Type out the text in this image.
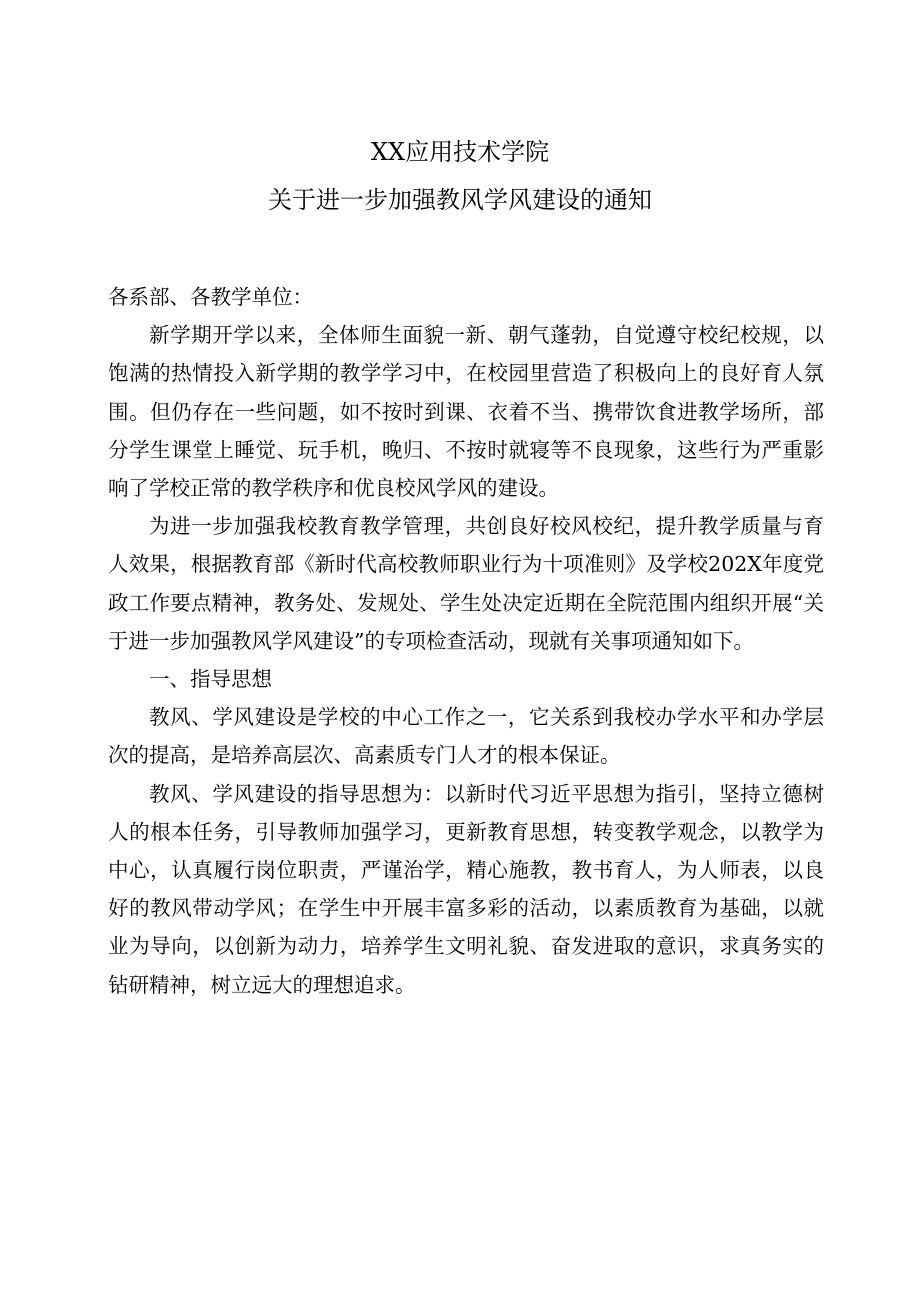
XX应用技术学院
关于进一步加强教风学风建设的通知

各系部、各教学单位：

新学期开学以来，全体师生面貌一新、朝气蓬勃，自觉遵守校纪校规，以饱满的热情投入新学期的教学学习中，在校园里营造了积极向上的良好育人氛围。但仍存在一些问题，如不按时到课、衣着不当、携带饮食进教学场所，部分学生课堂上睡觉、玩手机，晚归、不按时就寝等不良现象，这些行为严重影响了学校正常的教学秩序和优良校风学风的建设。

为进一步加强我校教育教学管理，共创良好校风校纪，提升教学质量与育人效果，根据教育部《新时代高校教师职业行为十项准则》及学校202X年度党政工作要点精神，教务处、发规处、学生处决定近期在全院范围内组织开展“关于进一步加强教风学风建设”的专项检查活动，现就有关事项通知如下。

一、指导思想

教风、学风建设是学校的中心工作之一，它关系到我校办学水平和办学层次的提高，是培养高层次、高素质专门人才的根本保证。

教风、学风建设的指导思想为：以新时代习近平思想为指引，坚持立德树人的根本任务，引导教师加强学习，更新教育思想，转变教学观念，以教学为中心，认真履行岗位职责，严谨治学，精心施教，教书育人，为人师表，以良好的教风带动学风；在学生中开展丰富多彩的活动，以素质教育为基础，以就业为导向，以创新为动力，培养学生文明礼貌、奋发进取的意识，求真务实的钻研精神，树立远大的理想追求。
